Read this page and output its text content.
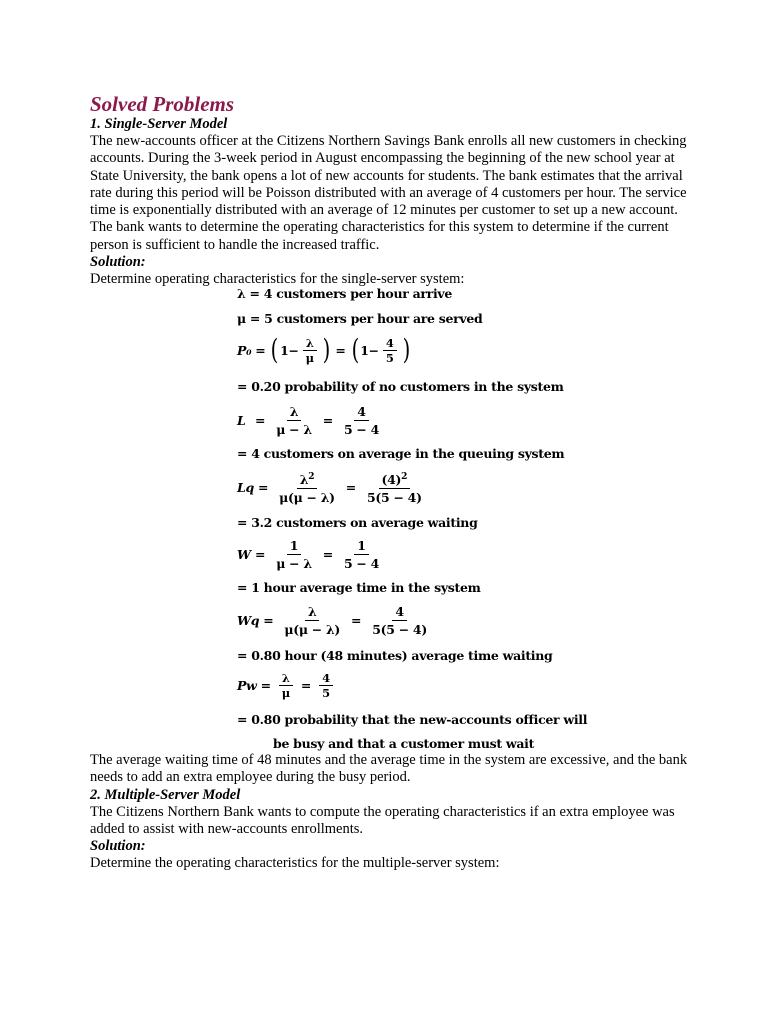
Solved Problems
1. Single-Server Model

The new-accounts officer at the Citizens Northern Savings Bank enrolls all new customers in checking accounts. During the 3-week period in August encompassing the beginning of the new school year at State University, the bank opens a lot of new accounts for students. The bank estimates that the arrival rate during this period will be Poisson distributed with an average of 4 customers per hour. The service time is exponentially distributed with an average of 12 minutes per customer to set up a new account. The bank wants to determine the operating characteristics for this system to determine if the current person is sufficient to handle the increased traffic.

Solution:

Determine operating characteristics for the single-server system:

λ = 4 customers per hour arrive
μ = 5 customers per hour are served
P₀ = ( $1- \frac{\lambda}{\mu}$ ) = ( $1- \frac{4}{5}$ )
= 0.20 probability of no customers in the system
$L = \frac{\lambda}{\mu - \lambda} = \frac{4}{5 - 4}$
= 4 customers on average in the queuing system
$Lq = \frac{\lambda^2}{\mu(\mu - \lambda)} = \frac{(4)^2}{5(5 - 4)}$
= 3.2 customers on average waiting
$W = \frac{1}{\mu - \lambda} = \frac{1}{5 - 4}$
= 1 hour average time in the system
$Wq = \frac{\lambda}{\mu(\mu - \lambda)} = \frac{4}{5(5 - 4)}$
= 0.80 hour (48 minutes) average time waiting
$Pw = \frac{\lambda}{\mu} = \frac{4}{5}$
= 0.80 probability that the new-accounts officer will
be busy and that a customer must wait

The average waiting time of 48 minutes and the average time in the system are excessive, and the bank needs to add an extra employee during the busy period.

2. Multiple-Server Model

The Citizens Northern Bank wants to compute the operating characteristics if an extra employee was added to assist with new-accounts enrollments.

Solution:

Determine the operating characteristics for the multiple-server system:
